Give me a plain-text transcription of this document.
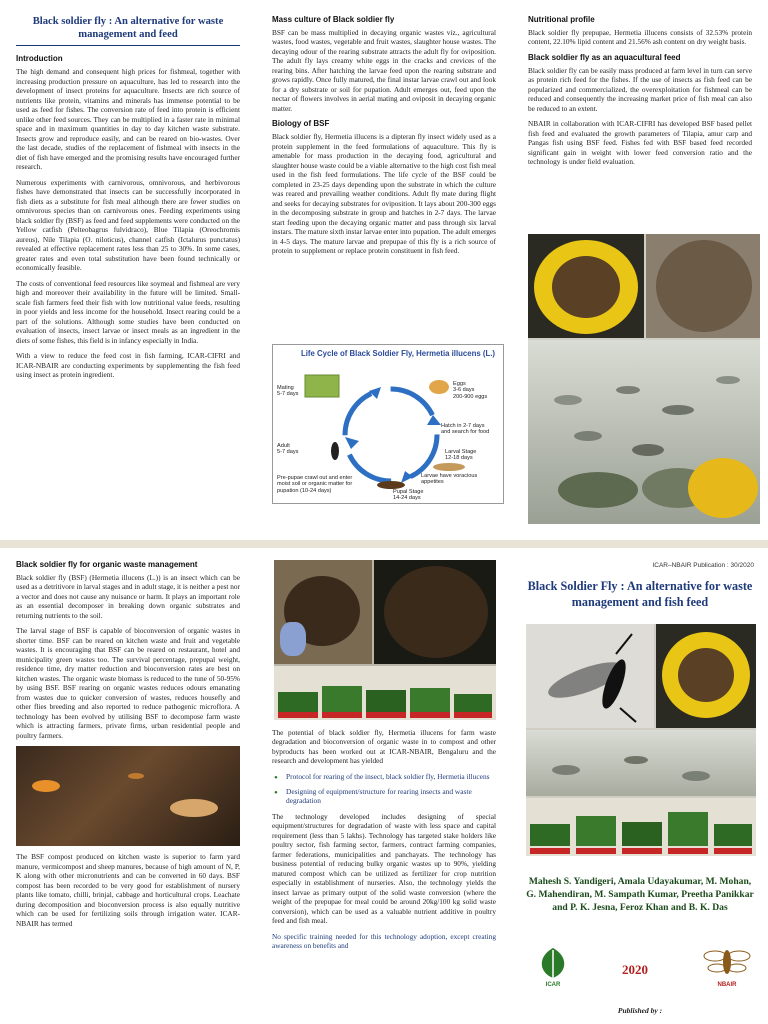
Black soldier fly : An alternative for waste management and feed
Introduction

The high demand and consequent high prices for fishmeal, together with increasing production pressure on aquaculture, has led to research into the development of insect proteins for aquaculture. Insects are rich source of nutrients like protein, vitamins and minerals has immense potential to be used as feed for fishes. The conversion rate of feed into protein is efficient unlike other feed sources. They can be multiplied in a faster rate in minimal space and in maximum quantities in day to day kitchen waste substrate. Insects grow and reproduce easily, and can be reared on bio-wastes. Over the last decade, studies of the replacement of fishmeal with insects in the diet of fish have emerged and the promising results have encouraged further research.

Numerous experiments with carnivorous, omnivorous, and herbivorous fishes have demonstrated that insects can be successfully incorporated in fish diets as a substitute for fish meal although there are fewer studies on omnivorous species than on carnivorous ones. Feeding experiments using black soldier fly (BSF) as feed and feed supplements were conducted on the Yellow catfish (Pelteobagrus fulvidraco), Blue Tilapia (Oreochromis aureus), Nile Tilapia (O. niloticus), channel catfish (Ictalurus punctatus) revealed at effective replacement rates less than 25 to 30%. In some cases, greater rates and even total substitution have been found technically or economically feasible.

The costs of conventional feed resources like soymeal and fishmeal are very high and moreover their availability in the future will be limited. Small-scale fish farmers feed their fish with low nutritional value feeds, resulting in poor yields and less income for the household. Insect rearing could be a part of the solutions. Although some studies have been conducted on evaluation of insects, insect larvae or insect meals as an ingredient in the diets of some fishes, this field is in infancy especially in India.

With a view to reduce the feed cost in fish farming, ICAR-CIFRI and ICAR-NBAIR are conducting experiments by supplementing the fish feed using insect as protein ingredient.

Mass culture of Black soldier fly

BSF can be mass multiplied in decaying organic wastes viz., agricultural wastes, food wastes, vegetable and fruit wastes, slaughter house wastes. The decaying odour of the rearing substrate attracts the adult fly for oviposition. The adult fly lays creamy white eggs in the cracks and crevices of the rearing bins. After hatching the larvae feed upon the rearing substrate and grows rapidly. Once fully matured, the final instar larvae crawl out and look for a dry substrate or soil for pupation. Adult emerges out, feed upon the nectar of flowers involves in aerial mating and oviposit in decaying organic matter.

Biology of BSF

Black soldier fly, Hermetia illucens is a dipteran fly insect widely used as a protein supplement in the feed formulations of aquaculture. This fly is amenable for mass production in the decaying food, agricultural and slaughter house waste could be a viable alternative to the high cost fish meal used in the fish feed formulations. The life cycle of the BSF could be completed in 23-25 days depending upon the substrate in which the culture was reared and prevailing weather conditions. Adult fly mate during flight and seeks for decaying substrates for oviposition. It lays about 200-300 eggs in the decomposing substrate in group and hatches in 2-7 days. The larvae start feeding upon the decaying organic matter and pass through six larval instars. The mature sixth instar larvae enter into pupation. The adult emerges in 4-5 days. The mature larvae and prepupae of this fly is a rich source of protein to supplement or replace protein constituent in fish feed.

Life Cycle of Black Soldier Fly, Hermetia illucens (L.)
Mating
5-7 days
Eggs
3-6 days
200-900 eggs
Hatch in 2-7 days
and search for food
Larval Stage
12-18 days
Larvae have voracious
appetites
Pupal Stage
14-24 days
Pre-pupae crawl out and enter
moist soil or organic matter for
pupation (10-24 days)
Adult
5-7 days
Nutritional profile

Black soldier fly prepupae, Hermetia illucens consists of 32.53% protein content, 22.10% lipid content and 21.56% ash content on dry weight basis.

Black soldier fly as an aquacultural feed

Black soldier fly can be easily mass produced at farm level in turn can serve as protein rich feed for the fishes. If the use of insects as fish feed can be popularized and commercialized, the overexploitation for fishmeal can be reduced and consequently the increasing market price of fish meal can also be reduced to an extent.

NBAIR in collaboration with ICAR-CIFRI has developed BSF based pellet fish feed and evaluated the growth parameters of Tilapia, amur carp and Pangas fish using BSF feed. Fishes fed with BSF based feed recorded significant gain in weight with lower feed conversion ratio and the technology is under field evaluation.

Black soldier fly for organic waste management

Black soldier fly (BSF) (Hermetia illucens (L.)) is an insect which can be used as a detritivore in larval stages and in adult stage, it is neither a pest nor a vector and does not cause any nuisance or harm. It plays an important role as an essential decomposer in breaking down organic substrates and returning nutrients to the soil.

The larval stage of BSF is capable of bioconversion of organic wastes in shorter time. BSF can be reared on kitchen waste and fruit and vegetable wastes. It is encouraging that BSF can be reared on restaurant, hotel and municipality green wastes too. The survival percentage, prepupal weight, residence time, dry matter reduction and bioconversion rates are best on kitchen wastes. The organic waste biomass is reduced to the tune of 50-95% by using BSF. BSF rearing on organic wastes reduces odours emanating from wastes due to quicker conversion of wastes, reduces housefly and other flies breeding and also reported to reduce pathogenic microflora. A technology has been evolved by utilising BSF to decompose farm waste which is attracting farmers, private firms, urban residential people and poultry farmers.

The BSF compost produced on kitchen waste is superior to farm yard manure, vermicompost and sheep manures, because of high amount of N, P, K along with other micronutrients and can be converted in 60 days. BSF compost has been recorded to be very good for establishment of nursery plants like tomato, chilli, brinjal, cabbage and horticultural crops. Leachate during decomposition and bioconversion process is also equally nutritive which can be used for fertilizing soils through irrigation water. ICAR-NBAIR has termed

The potential of black soldier fly, Hermetia illucens for farm waste degradation and bioconversion of organic waste in to compost and other byproducts has been worked out at ICAR-NBAIR, Bengaluru and the research and development has yielded

• Protocol for rearing of the insect, black soldier fly, Hermetia illucens
• Designing of equipment/structure for rearing insects and waste degradation

The technology developed includes designing of special equipment/structures for degradation of waste with less space and capital requirement (less than 5 lakhs). Technology has targeted stake holders like poultry sector, fish farming sector, farmers, contract farming companies, farmer federations, municipalities and panchayats. The technology has business potential of reducing bulky organic wastes up to 90%, yielding matured compost which can be utilized as fertilizer for crop nutrition especially in establishment of nurseries. Also, the technology yields the insect larvae as primary output of the solid waste conversion (where the weight of the prepupae for meal could be around 20kg/100 kg solid waste conversion), which can be used as a valuable nutrient additive in poultry feed and fish meal.

No specific training needed for this technology adoption, except creating awareness on benefits and

ICAR–NBAIR Publication : 30/2020
Black Soldier Fly : An alternative for waste management and fish feed
Mahesh S. Yandigeri, Amala Udayakumar, M. Mohan, G. Mahendiran, M. Sampath Kumar, Preetha Panikkar and P. K. Jesna, Feroz Khan and B. K. Das
ICAR
2020
NBAIR
Published by :
